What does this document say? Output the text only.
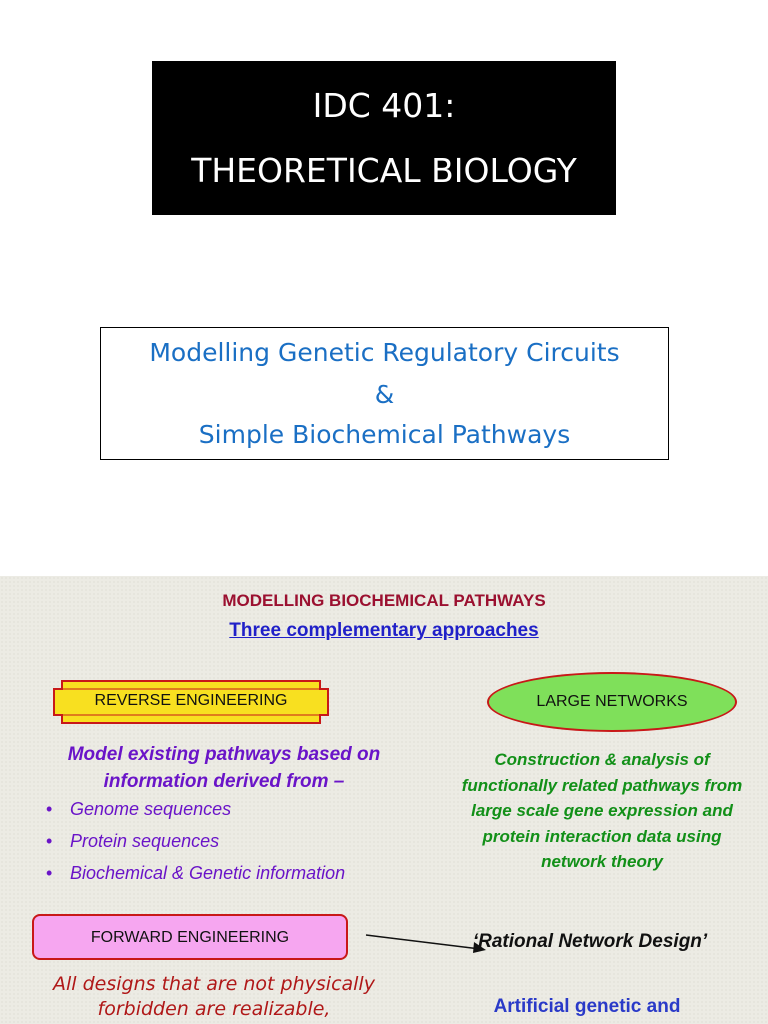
IDC 401:
THEORETICAL BIOLOGY
Modelling Genetic Regulatory Circuits
&
Simple Biochemical Pathways
MODELLING BIOCHEMICAL PATHWAYS
Three complementary approaches
REVERSE ENGINEERING	LARGE NETWORKS
Model existing pathways based on information derived from –
• Genome sequences
• Protein sequences
• Biochemical & Genetic information
Construction & analysis of functionally related pathways from large scale gene expression and protein interaction data using network theory
FORWARD ENGINEERING	‘Rational Network Design’
All designs that are not physically forbidden are realizable,	Artificial genetic and
